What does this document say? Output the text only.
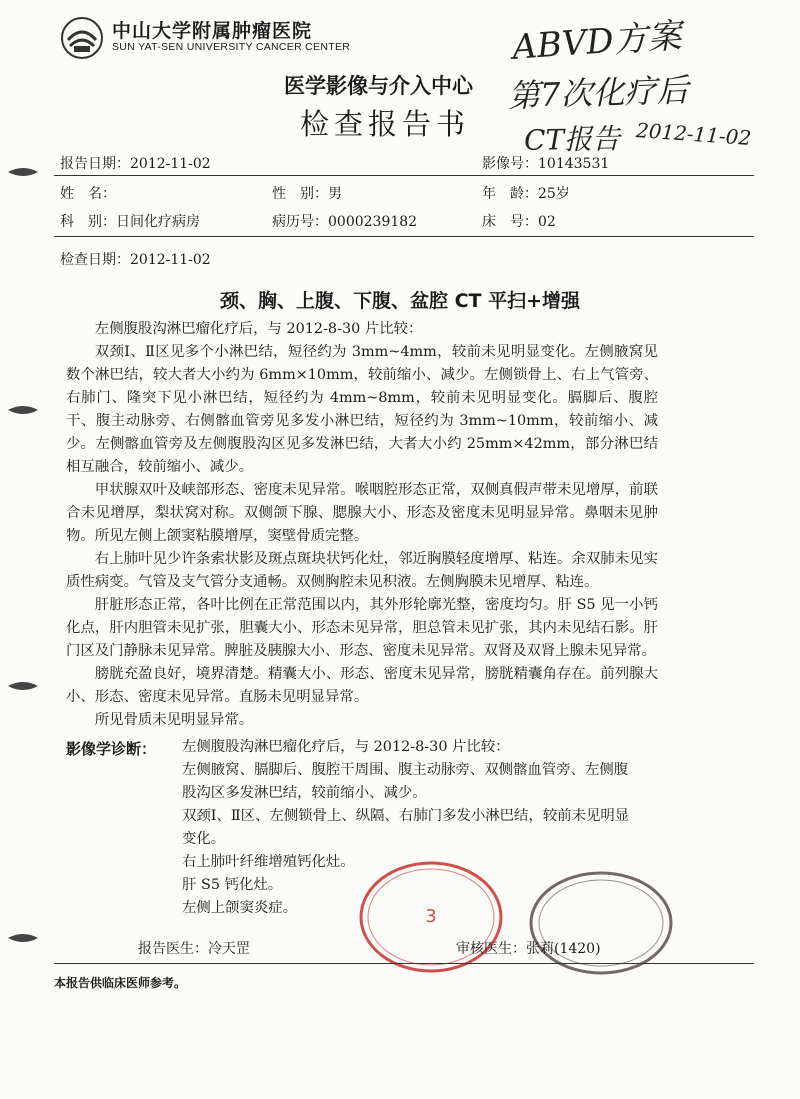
中山大学附属肿瘤医院
SUN YAT-SEN UNIVERSITY CANCER CENTER
医学影像与介入中心
检查报告书
ABVD方案
第7次化疗后
CT报告 2012-11-02
报告日期：2012-11-02	影像号：10143531
姓　名：	性　别：男	年　龄：25岁
科　别：日间化疗病房	病历号：0000239182	床　号：02
检查日期：2012-11-02
颈、胸、上腹、下腹、盆腔 CT 平扫+增强

左侧腹股沟淋巴瘤化疗后，与 2012-8-30 片比较：

双颈Ⅰ、Ⅱ区见多个小淋巴结，短径约为 3mm~4mm，较前未见明显变化。左侧腋窝见数个淋巴结，较大者大小约为 6mm×10mm，较前缩小、减少。左侧锁骨上、右上气管旁、右肺门、隆突下见小淋巴结，短径约为 4mm~8mm，较前未见明显变化。膈脚后、腹腔干、腹主动脉旁、右侧髂血管旁见多发小淋巴结，短径约为 3mm~10mm，较前缩小、减少。左侧髂血管旁及左侧腹股沟区见多发淋巴结，大者大小约 25mm×42mm，部分淋巴结相互融合，较前缩小、减少。

甲状腺双叶及峡部形态、密度未见异常。喉咽腔形态正常，双侧真假声带未见增厚，前联合未见增厚，梨状窝对称。双侧颌下腺、腮腺大小、形态及密度未见明显异常。鼻咽未见肿物。所见左侧上颌窦粘膜增厚，窦壁骨质完整。

右上肺叶见少许条索状影及斑点斑块状钙化灶，邻近胸膜轻度增厚、粘连。余双肺未见实质性病变。气管及支气管分支通畅。双侧胸腔未见积液。左侧胸膜未见增厚、粘连。

肝脏形态正常，各叶比例在正常范围以内，其外形轮廓光整，密度均匀。肝 S5 见一小钙化点，肝内胆管未见扩张，胆囊大小、形态未见异常，胆总管未见扩张，其内未见结石影。肝门区及门静脉未见异常。脾脏及胰腺大小、形态、密度未见异常。双肾及双肾上腺未见异常。

膀胱充盈良好，境界清楚。精囊大小、形态、密度未见异常，膀胱精囊角存在。前列腺大小、形态、密度未见异常。直肠未见明显异常。

所见骨质未见明显异常。

影像学诊断： 左侧腹股沟淋巴瘤化疗后，与 2012-8-30 片比较：

左侧腋窝、膈脚后、腹腔干周围、腹主动脉旁、双侧髂血管旁、左侧腹股沟区多发淋巴结，较前缩小、减少。

双颈Ⅰ、Ⅱ区、左侧锁骨上、纵隔、右肺门多发小淋巴结，较前未见明显变化。

右上肺叶纤维增殖钙化灶。

肝 S5 钙化灶。

左侧上颌窦炎症。	3
报告医生：冷天罡	审核医生：张莉(1420)
本报告供临床医师参考。
